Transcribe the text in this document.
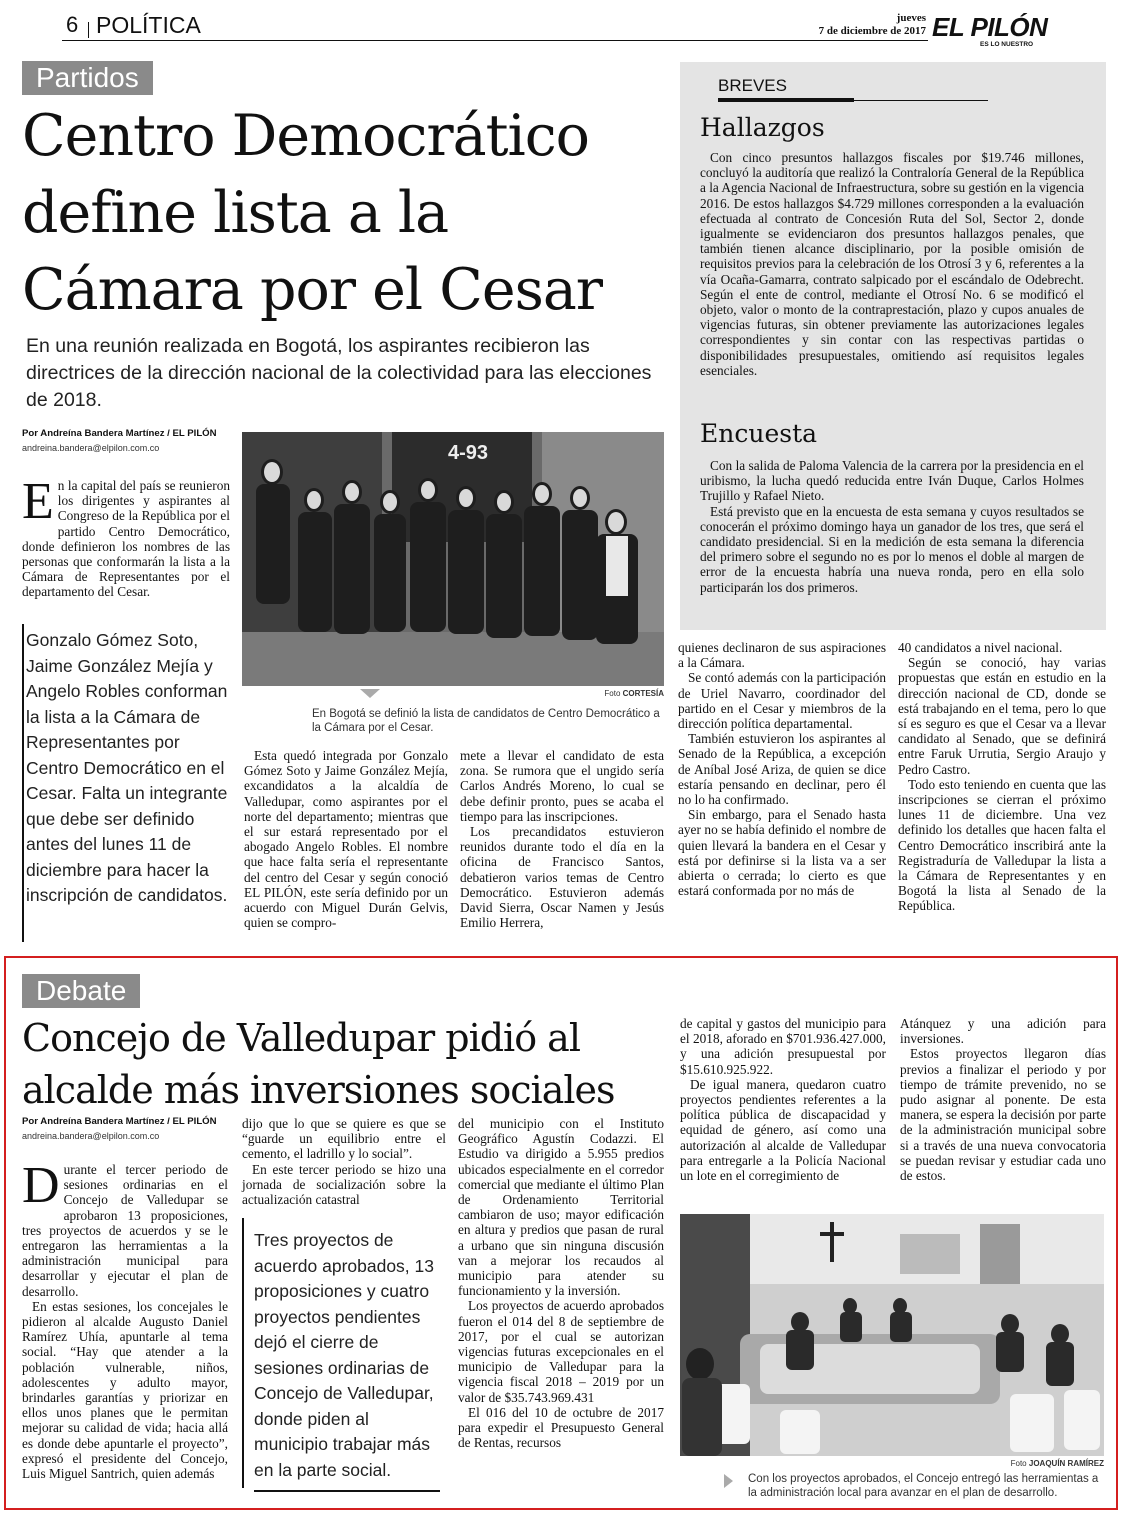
6 POLÍTICA	jueves
7 de diciembre de 2017 EL PILÓN
ES LO NUESTRO
Partidos
Centro Democrático
define lista a la
Cámara por el Cesar
En una reunión realizada en Bogotá, los aspirantes recibieron las directrices de la dirección nacional de la colectividad para las elecciones de 2018.
Por Andreína Bandera Martínez / EL PILÓN
andreina.bandera@elpilon.com.co
En la capital del país se reunieron los dirigentes y aspirantes al Congreso de la República por el partido Centro Democrático, donde definieron los nombres de las personas que conformarán la lista a la Cámara de Representantes por el departamento del Cesar.
Gonzalo Gómez Soto, Jaime González Mejía y Angelo Robles conforman la lista a la Cámara de Representantes por Centro Democrático en el Cesar. Falta un integrante que debe ser definido antes del lunes 11 de diciembre para hacer la inscripción de candidatos.
4-93
Foto CORTESÍA
En Bogotá se definió la lista de candidatos de Centro Democrático a la Cámara por el Cesar.

Esta quedó integrada por Gonzalo Gómez Soto y Jaime González Mejía, excandidatos a la alcaldía de Valledupar, como aspirantes por el norte del departamento; mientras que el sur estará representado por el abogado Angelo Robles. El nombre que hace falta sería el representante del centro del Cesar y según conoció EL PILÓN, este sería definido por un acuerdo con Miguel Durán Gelvis, quien se compro-

mete a llevar el candidato de esta zona. Se rumora que el ungido sería Carlos Andrés Moreno, lo cual se debe definir pronto, pues se acaba el tiempo para las inscripciones.

Los precandidatos estuvieron reunidos durante todo el día en la oficina de Francisco Santos, debatieron varios temas de Centro Democrático. Estuvieron además David Sierra, Oscar Namen y Jesús Emilio Herrera,

quienes declinaron de sus aspiraciones a la Cámara.

Se contó además con la participación de Uriel Navarro, coordinador del partido en el Cesar y miembros de la dirección política departamental.

También estuvieron los aspirantes al Senado de la República, a excepción de Aníbal José Ariza, de quien se dice estaría pensando en declinar, pero él no lo ha confirmado.

Sin embargo, para el Senado hasta ayer no se había definido el nombre de quien llevará la bandera en el Cesar y está por definirse si la lista va a ser abierta o cerrada; lo cierto es que estará conformada por no más de

40 candidatos a nivel nacional.

Según se conoció, hay varias propuestas que están en estudio en la dirección nacional de CD, donde se está trabajando en el tema, pero lo que sí es seguro es que el Cesar va a llevar candidato al Senado, que se definirá entre Faruk Urrutia, Sergio Araujo y Pedro Castro.

Todo esto teniendo en cuenta que las inscripciones se cierran el próximo lunes 11 de diciembre. Una vez definido los detalles que hacen falta el Centro Democrático inscribirá ante la Registraduría de Valledupar la lista a la Cámara de Representantes y en Bogotá la lista al Senado de la República.

BREVES
Hallazgos

Con cinco presuntos hallazgos fiscales por $19.746 millones, concluyó la auditoría que realizó la Contraloría General de la República a la Agencia Nacional de Infraestructura, sobre su gestión en la vigencia 2016. De estos hallazgos $4.729 millones corresponden a la evaluación efectuada al contrato de Concesión Ruta del Sol, Sector 2, donde igualmente se evidenciaron dos presuntos hallazgos penales, que también tienen alcance disciplinario, por la posible omisión de requisitos previos para la celebración de los Otrosí 3 y 6, referentes a la vía Ocaña-Gamarra, contrato salpicado por el escándalo de Odebrecht. Según el ente de control, mediante el Otrosí No. 6 se modificó el objeto, valor o monto de la contraprestación, plazo y cupos anuales de vigencias futuras, sin obtener previamente las autorizaciones legales correspondientes y sin contar con las respectivas partidas o disponibilidades presupuestales, omitiendo así requisitos legales esenciales.

Encuesta

Con la salida de Paloma Valencia de la carrera por la presidencia en el uribismo, la lucha quedó reducida entre Iván Duque, Carlos Holmes Trujillo y Rafael Nieto.

Está previsto que en la encuesta de esta semana y cuyos resultados se conocerán el próximo domingo haya un ganador de los tres, que será el candidato presidencial. Si en la medición de esta semana la diferencia del primero sobre el segundo no es por lo menos el doble al margen de error de la encuesta habría una nueva ronda, pero en ella solo participarán los dos primeros.

Debate
Concejo de Valledupar pidió al
alcalde más inversiones sociales
Por Andreína Bandera Martínez / EL PILÓN
andreina.bandera@elpilon.com.co
Durante el tercer periodo de sesiones ordinarias en el Concejo de Valledupar se aprobaron 13 proposiciones, tres proyectos de acuerdos y se le entregaron las herramientas a la administración municipal para desarrollar y ejecutar el plan de desarrollo.

En estas sesiones, los concejales le pidieron al alcalde Augusto Daniel Ramírez Uhía, apuntarle al tema social. “Hay que atender a la población vulnerable, niños, adolescentes y adulto mayor, brindarles garantías y priorizar en ellos unos planes que le permitan mejorar su calidad de vida; hacia allá es donde debe apuntarle el proyecto”, expresó el presidente del Concejo, Luis Miguel Santrich, quien además

dijo que lo que se quiere es que se “guarde un equilibrio entre el cemento, el ladrillo y lo social”.

En este tercer periodo se hizo una jornada de socialización sobre la actualización catastral

Tres proyectos de acuerdo aprobados, 13 proposiciones y cuatro proyectos pendientes dejó el cierre de sesiones ordinarias de Concejo de Valledupar, donde piden al municipio trabajar más en la parte social.

del municipio con el Instituto Geográfico Agustín Codazzi. El Estudio va dirigido a 5.955 predios ubicados especialmente en el corredor comercial que mediante el último Plan de Ordenamiento Territorial cambiaron de uso; mayor edificación en altura y predios que pasan de rural a urbano que sin ninguna discusión van a mejorar los recaudos al municipio para atender su funcionamiento y la inversión.

Los proyectos de acuerdo aprobados fueron el 014 del 8 de septiembre de 2017, por el cual se autorizan vigencias futuras excepcionales en el municipio de Valledupar para la vigencia fiscal 2018 – 2019 por un valor de $35.743.969.431

El 016 del 10 de octubre de 2017 para expedir el Presupuesto General de Rentas, recursos

de capital y gastos del municipio para el 2018, aforado en $701.936.427.000, y una adición presupuestal por $15.610.925.922.

De igual manera, quedaron cuatro proyectos pendientes referentes a la política pública de discapacidad y equidad de género, así como una autorización al alcalde de Valledupar para entregarle a la Policía Nacional un lote en el corregimiento de

Atánquez y una adición para inversiones.

Estos proyectos llegaron días previos a finalizar el periodo y por tiempo de trámite prevenido, no se pudo asignar al ponente. De esta manera, se espera la decisión por parte de la administración municipal sobre si a través de una nueva convocatoria se puedan revisar y estudiar cada uno de estos.

Foto JOAQUÍN RAMÍREZ
Con los proyectos aprobados, el Concejo entregó las herramientas a la administración local para avanzar en el plan de desarrollo.
